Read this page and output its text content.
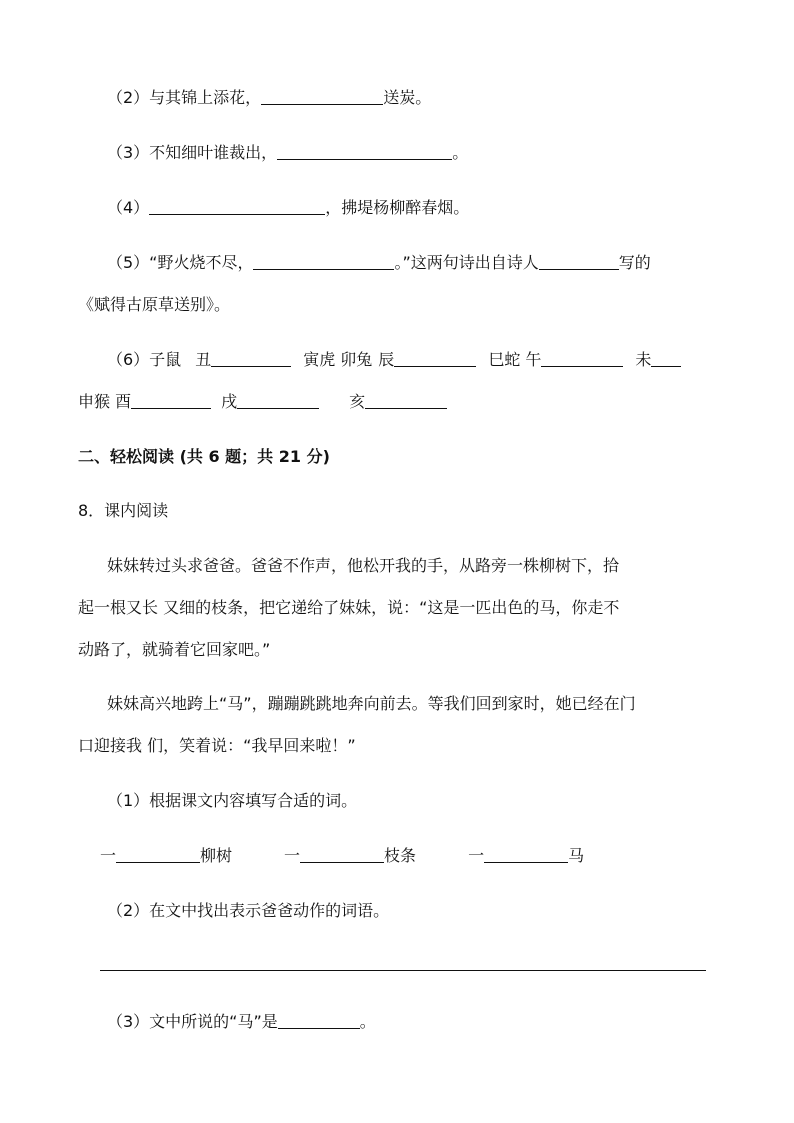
（2）与其锦上添花，	送炭。
（3）不知细叶谁裁出，	。
（4）	，拂堤杨柳醉春烟。
（5）“野火烧不尽，	。”这两句诗出自诗人	写的
《赋得古原草送别》。
（6）子鼠 丑	寅虎 卯兔 辰	巳蛇 午	未
申猴 酉	戌	亥
二、轻松阅读 (共 6 题；共 21 分)
8．课内阅读
妹妹转过头求爸爸。爸爸不作声，他松开我的手，从路旁一株柳树下，拾
起一根又长 又细的枝条，把它递给了妹妹，说：“这是一匹出色的马，你走不
动路了，就骑着它回家吧。”
妹妹高兴地跨上“马”，蹦蹦跳跳地奔向前去。等我们回到家时，她已经在门
口迎接我 们，笑着说：“我早回来啦！”
（1）根据课文内容填写合适的词。
一	柳树	一	枝条	一	马
（2）在文中找出表示爸爸动作的词语。
（3）文中所说的“马”是	。
